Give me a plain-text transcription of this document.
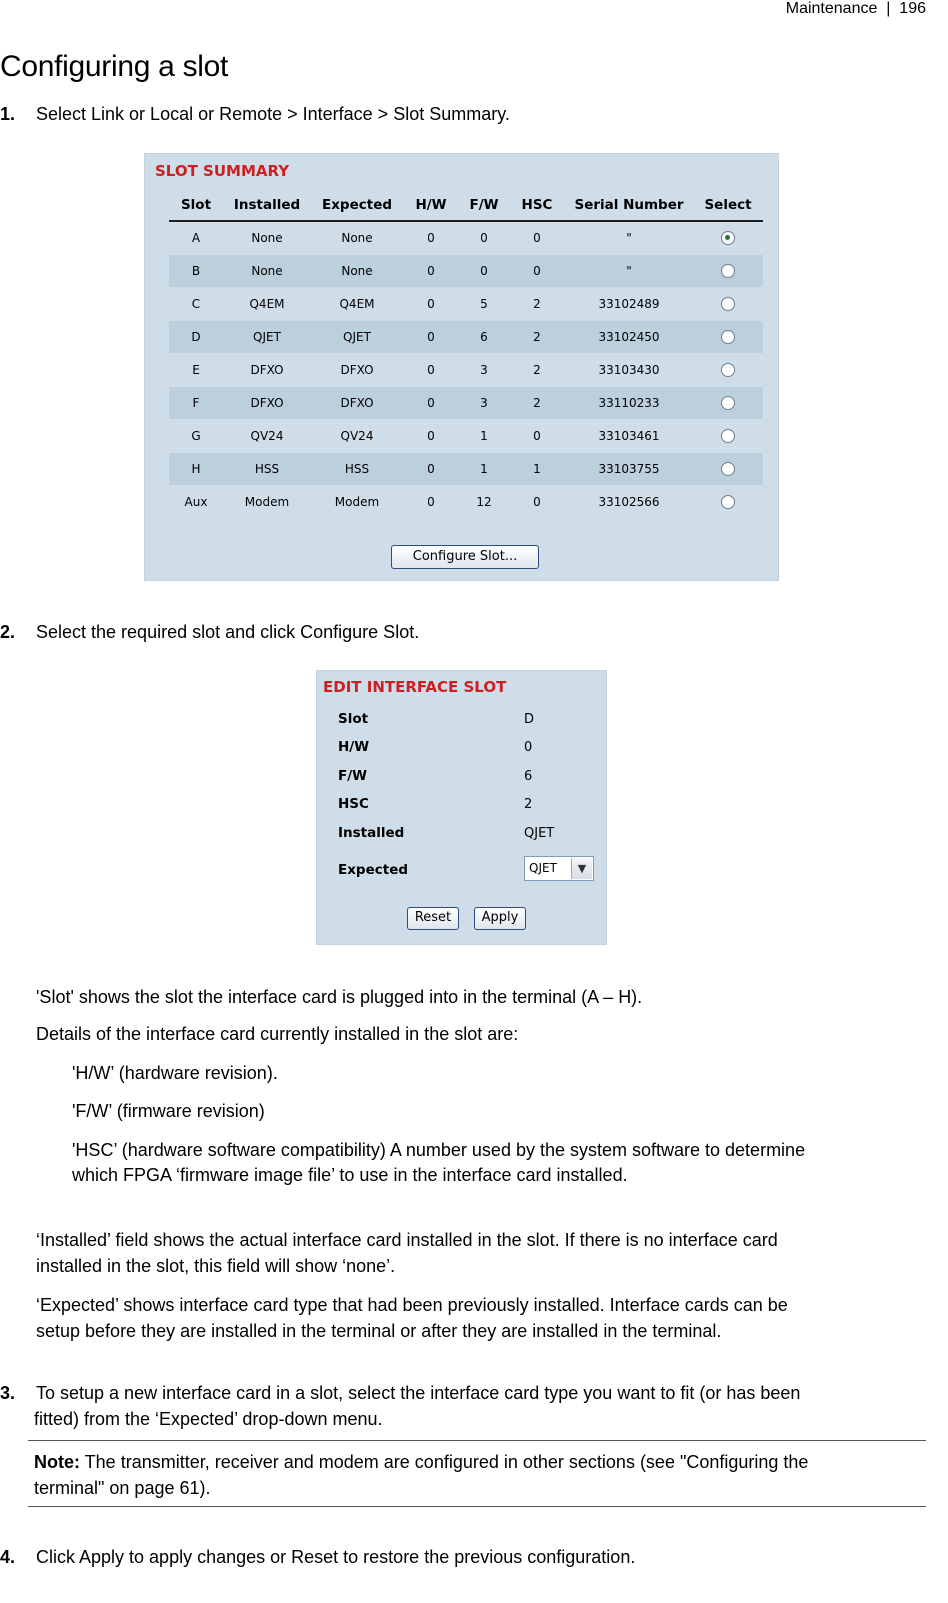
Maintenance  |  196
Configuring a slot
1. Select Link or Local or Remote > Interface > Slot Summary.
SLOT SUMMARY
Slot	Installed	Expected	H/W	F/W	HSC	Serial Number	Select
A	None	None	0	0	0	"	
B	None	None	0	0	0	"	
C	Q4EM	Q4EM	0	5	2	33102489	
D	QJET	QJET	0	6	2	33102450	
E	DFXO	DFXO	0	3	2	33103430	
F	DFXO	DFXO	0	3	2	33110233	
G	QV24	QV24	0	1	0	33103461	
H	HSS	HSS	0	1	1	33103755	
Aux	Modem	Modem	0	12	0	33102566	
Configure Slot...
2. Select the required slot and click Configure Slot.
EDIT INTERFACE SLOT
Slot	D
H/W	0
F/W	6
HSC	2
Installed	QJET
Expected	QJET	▼
Reset	Apply
'Slot' shows the slot the interface card is plugged into in the terminal (A – H).
Details of the interface card currently installed in the slot are:
'H/W’ (hardware revision).
'F/W’ (firmware revision)
'HSC’ (hardware software compatibility) A number used by the system software to determine
which FPGA ‘firmware image file’ to use in the interface card installed.
‘Installed’ field shows the actual interface card installed in the slot. If there is no interface card
installed in the slot, this field will show ‘none’.
‘Expected’ shows interface card type that had been previously installed. Interface cards can be
setup before they are installed in the terminal or after they are installed in the terminal.
3. To setup a new interface card in a slot, select the interface card type you want to fit (or has been
fitted) from the ‘Expected’ drop-down menu.
Note: The transmitter, receiver and modem are configured in other sections (see "Configuring the
terminal" on page 61).
4. Click Apply to apply changes or Reset to restore the previous configuration.
